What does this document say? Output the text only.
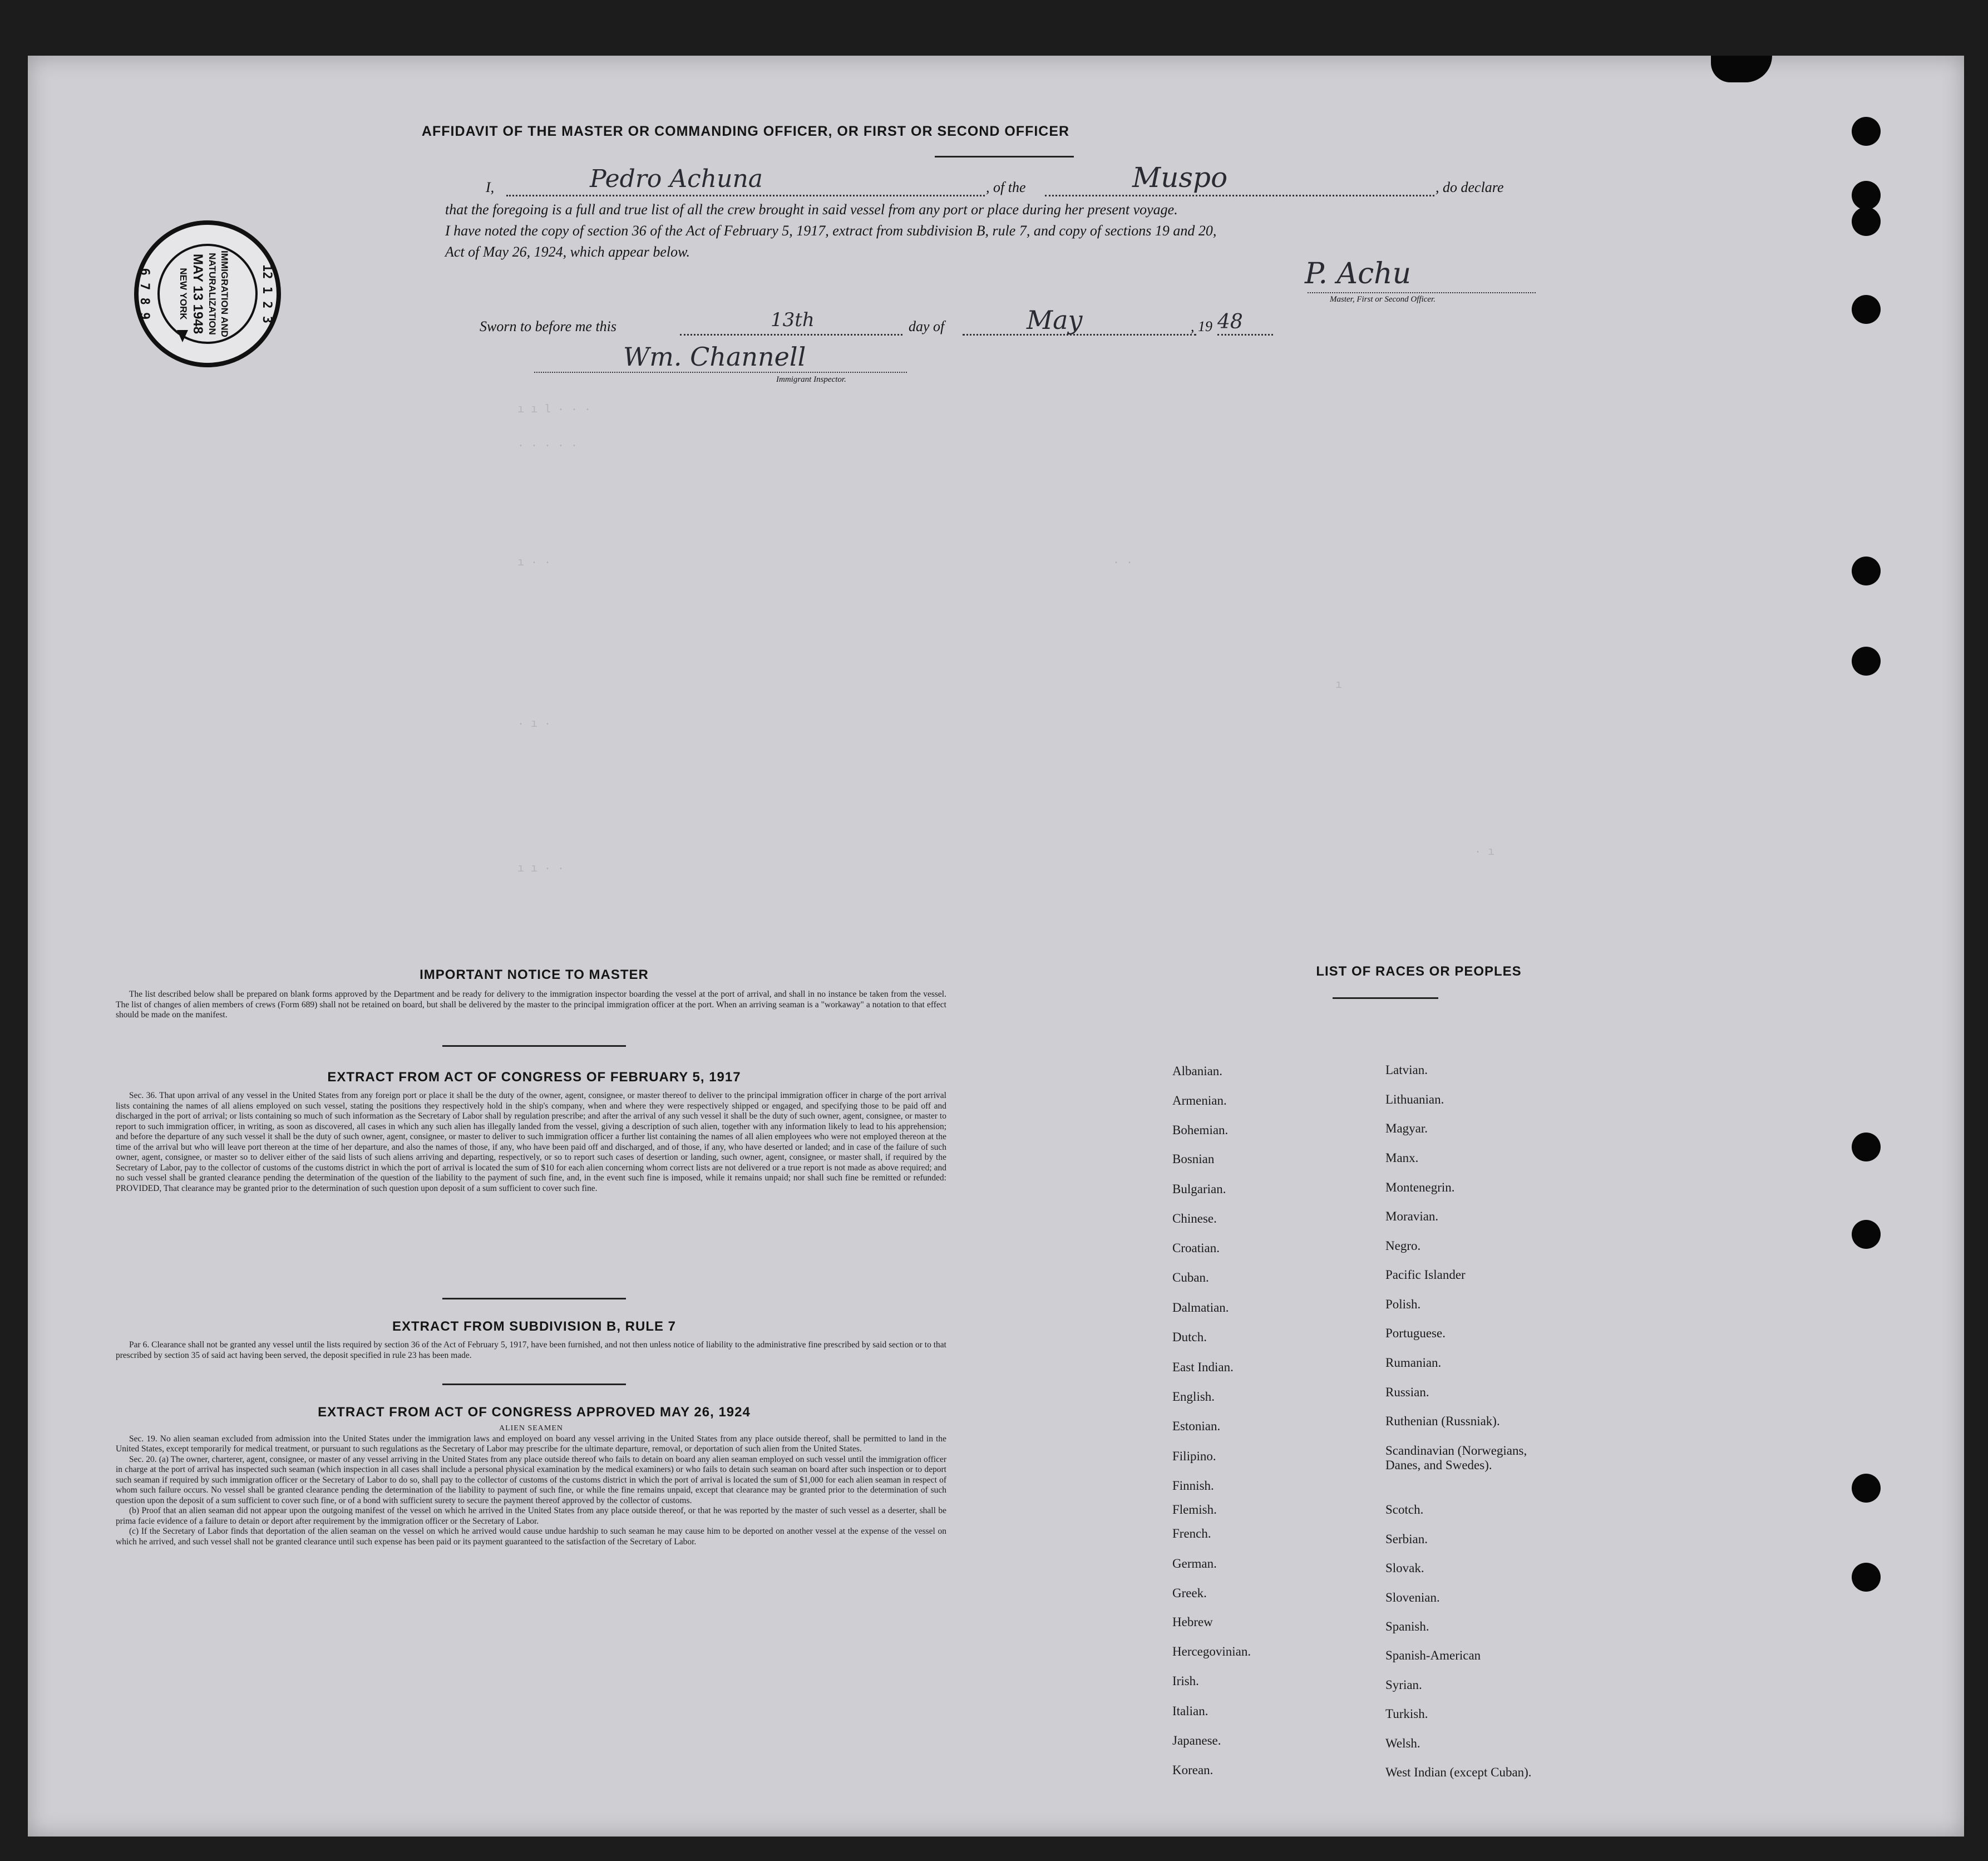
ı ı l · · ·
· · · · ·
ı · ·
· ı ·
ı ı · ·
· ·
ı
· ı
AFFIDAVIT OF THE MASTER OR COMMANDING OFFICER, OR FIRST OR SECOND OFFICER
I,	Pedro Achuna	, of the	Muspo	, do declare
that the foregoing is a full and true list of all the crew brought in said vessel from any port or place during her present voyage.
I have noted the copy of section 36 of the Act of February 5, 1917, extract from subdivision B, rule 7, and copy of sections 19 and 20,
Act of May 26, 1924, which appear below.
P. Achu
Master, First or Second Officer.
Sworn to before me this	13th	day of	May	, 19 48
Wm. Channell
Immigrant Inspector.
IMPORTANT NOTICE TO MASTER

The list described below shall be prepared on blank forms approved by the Department and be ready for delivery to the immigration inspector boarding the vessel at the port of arrival, and shall in no instance be taken from the vessel. The list of changes of alien members of crews (Form 689) shall not be retained on board, but shall be delivered by the master to the principal immigration officer at the port. When an arriving seaman is a "workaway" a notation to that effect should be made on the manifest.

EXTRACT FROM ACT OF CONGRESS OF FEBRUARY 5, 1917

Sec. 36. That upon arrival of any vessel in the United States from any foreign port or place it shall be the duty of the owner, agent, consignee, or master thereof to deliver to the principal immigration officer in charge of the port arrival lists containing the names of all aliens employed on such vessel, stating the positions they respectively hold in the ship's company, when and where they were respectively shipped or engaged, and specifying those to be paid off and discharged in the port of arrival; or lists containing so much of such information as the Secretary of Labor shall by regulation prescribe; and after the arrival of any such vessel it shall be the duty of such owner, agent, consignee, or master to report to such immigration officer, in writing, as soon as discovered, all cases in which any such alien has illegally landed from the vessel, giving a description of such alien, together with any information likely to lead to his apprehension; and before the departure of any such vessel it shall be the duty of such owner, agent, consignee, or master to deliver to such immigration officer a further list containing the names of all alien employees who were not employed thereon at the time of the arrival but who will leave port thereon at the time of her departure, and also the names of those, if any, who have been paid off and discharged, and of those, if any, who have deserted or landed; and in case of the failure of such owner, agent, consignee, or master so to deliver either of the said lists of such aliens arriving and departing, respectively, or so to report such cases of desertion or landing, such owner, agent, consignee, or master shall, if required by the Secretary of Labor, pay to the collector of customs of the customs district in which the port of arrival is located the sum of $10 for each alien concerning whom correct lists are not delivered or a true report is not made as above required; and no such vessel shall be granted clearance pending the determination of the question of the liability to the payment of such fine, and, in the event such fine is imposed, while it remains unpaid; nor shall such fine be remitted or refunded: PROVIDED, That clearance may be granted prior to the determination of such question upon deposit of a sum sufficient to cover such fine.

EXTRACT FROM SUBDIVISION B, RULE 7

Par 6. Clearance shall not be granted any vessel until the lists required by section 36 of the Act of February 5, 1917, have been furnished, and not then unless notice of liability to the administrative fine prescribed by said section or to that prescribed by section 35 of said act having been served, the deposit specified in rule 23 has been made.

EXTRACT FROM ACT OF CONGRESS APPROVED MAY 26, 1924

ALIEN SEAMEN

Sec. 19. No alien seaman excluded from admission into the United States under the immigration laws and employed on board any vessel arriving in the United States from any place outside thereof, shall be permitted to land in the United States, except temporarily for medical treatment, or pursuant to such regulations as the Secretary of Labor may prescribe for the ultimate departure, removal, or deportation of such alien from the United States.

Sec. 20. (a) The owner, charterer, agent, consignee, or master of any vessel arriving in the United States from any place outside thereof who fails to detain on board any alien seaman employed on such vessel until the immigration officer in charge at the port of arrival has inspected such seaman (which inspection in all cases shall include a personal physical examination by the medical examiners) or who fails to detain such seaman on board after such inspection or to deport such seaman if required by such immigration officer or the Secretary of Labor to do so, shall pay to the collector of customs of the customs district in which the port of arrival is located the sum of $1,000 for each alien seaman in respect of whom such failure occurs. No vessel shall be granted clearance pending the determination of the liability to payment of such fine, or while the fine remains unpaid, except that clearance may be granted prior to the determination of such question upon the deposit of a sum sufficient to cover such fine, or of a bond with sufficient surety to secure the payment thereof approved by the collector of customs.

(b) Proof that an alien seaman did not appear upon the outgoing manifest of the vessel on which he arrived in the United States from any place outside thereof, or that he was reported by the master of such vessel as a deserter, shall be prima facie evidence of a failure to detain or deport after requirement by the immigration officer or the Secretary of Labor.

(c) If the Secretary of Labor finds that deportation of the alien seaman on the vessel on which he arrived would cause undue hardship to such seaman he may cause him to be deported on another vessel at the expense of the vessel on which he arrived, and such vessel shall not be granted clearance until such expense has been paid or its payment guaranteed to the satisfaction of the Secretary of Labor.

LIST OF RACES OR PEOPLES
Albanian.
Armenian.
Bohemian.
Bosnian
Bulgarian.
Chinese.
Croatian.
Cuban.
Dalmatian.
Dutch.
East Indian.
English.
Estonian.
Filipino.
Finnish.
Flemish.
French.
German.
Greek.
Hebrew
Hercegovinian.
Irish.
Italian.
Japanese.
Korean.
Latvian.
Lithuanian.
Magyar.
Manx.
Montenegrin.
Moravian.
Negro.
Pacific Islander
Polish.
Portuguese.
Rumanian.
Russian.
Ruthenian (Russniak).
Scandinavian (Norwegians,
Danes, and Swedes).
Scotch.
Serbian.
Slovak.
Slovenian.
Spanish.
Spanish-American
Syrian.
Turkish.
Welsh.
West Indian (except Cuban).
12 1 2 3
6 7 8 9	IMMIGRATION AND
NATURALIZATION
MAY 13 1948
NEW YORK
